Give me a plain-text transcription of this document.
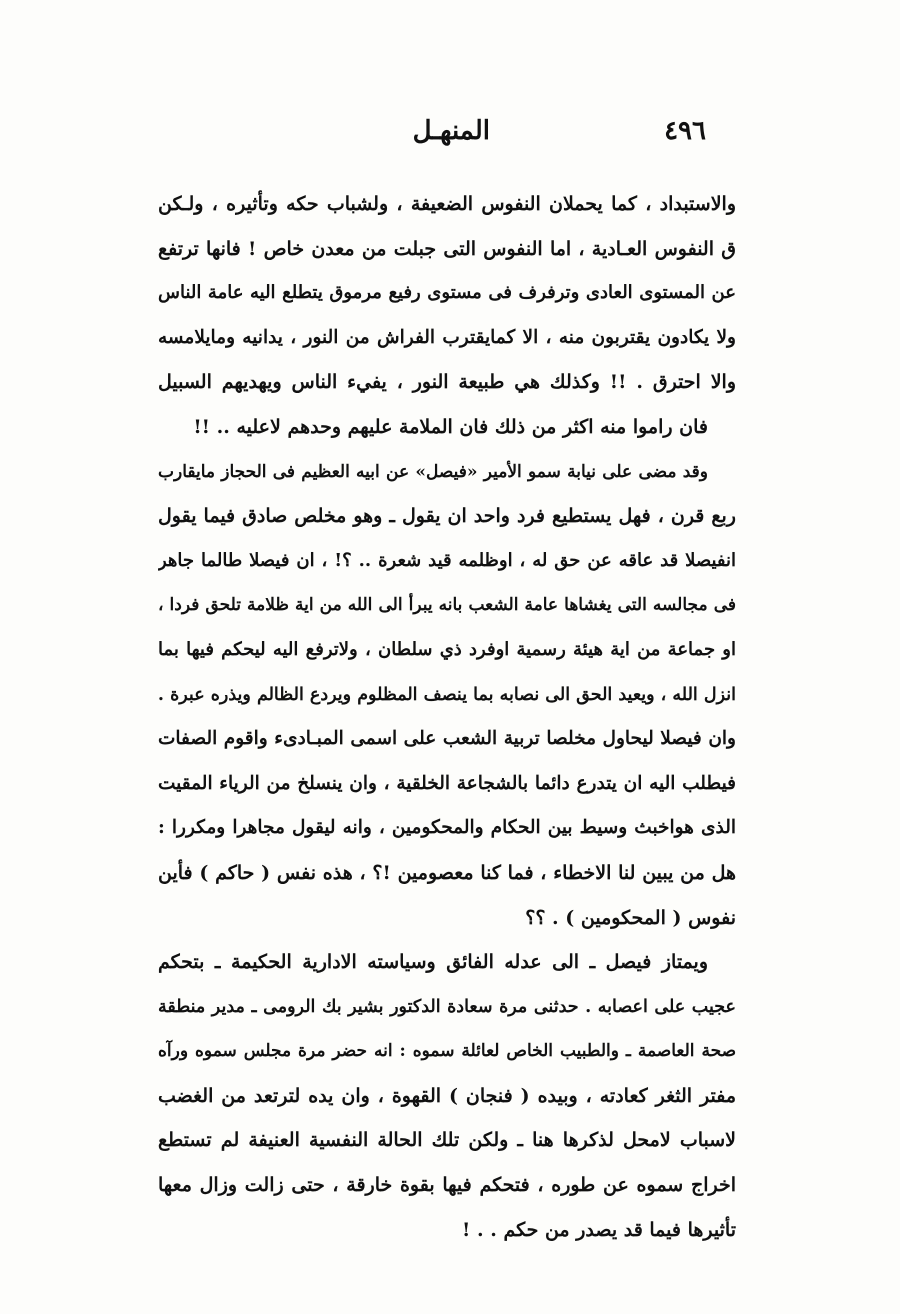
٤٩٦
المنهـل
والاستبداد ، كما يحملان النفوس الضعيفة ، ولشباب حكه وتأثيره ، ولـكن
ق النفوس العـادية ، اما النفوس التى جبلت من معدن خاص ! فانها ترتفع
عن المستوى العادى وترفرف فى مستوى رفيع مرموق يتطلع اليه عامة الناس
ولا يكادون يقتربون منه ، الا كمايقترب الفراش من النور ، يدانيه ومايلامسه
والا احترق . !! وكذلك هي طبيعة النور ، يفيء الناس ويهديهم السبيل
فان راموا منه اكثر من ذلك فان الملامة عليهم وحدهم لاعليه .. !!
وقد مضى على نيابة سمو الأمير «فيصل» عن ابيه العظيم فى الحجاز مايقارب
ربع قرن ، فهل يستطيع فرد واحد ان يقول ـ وهو مخلص صادق فيما يقول
انفيصلا قد عاقه عن حق له ، اوظلمه قيد شعرة .. ؟! ، ان فيصلا طالما جاهر
فى مجالسه التى يغشاها عامة الشعب بانه يبرأ الى الله من اية ظلامة تلحق فردا ،
او جماعة من اية هيئة رسمية اوفرد ذي سلطان ، ولاترفع اليه ليحكم فيها بما
انزل الله ، ويعيد الحق الى نصابه بما ينصف المظلوم ويردع الظالم ويذره عبرة .
وان فيصلا ليحاول مخلصا تربية الشعب على اسمى المبـادىء واقوم الصفات
فيطلب اليه ان يتدرع دائما بالشجاعة الخلقية ، وان ينسلخ من الرياء المقيت
الذى هواخبث وسيط بين الحكام والمحكومين ، وانه ليقول مجاهرا ومكررا :
هل من يبين لنا الاخطاء ، فما كنا معصومين !؟ ، هذه نفس ( حاكم ) فأين
نفوس ( المحكومين ) . ؟؟
ويمتاز فيصل ـ الى عدله الفائق وسياسته الادارية الحكيمة ـ بتحكم
عجيب على اعصابه . حدثنى مرة سعادة الدكتور بشير بك الرومى ـ مدير منطقة
صحة العاصمة ـ والطبيب الخاص لعائلة سموه : انه حضر مرة مجلس سموه ورآه
مفتر الثغر كعادته ، وبيده ( فنجان ) القهوة ، وان يده لترتعد من الغضب
لاسباب لامحل لذكرها هنا ـ ولكن تلك الحالة النفسية العنيفة لم تستطع
اخراج سموه عن طوره ، فتحكم فيها بقوة خارقة ، حتى زالت وزال معها
تأثيرها فيما قد يصدر من حكم . . !
